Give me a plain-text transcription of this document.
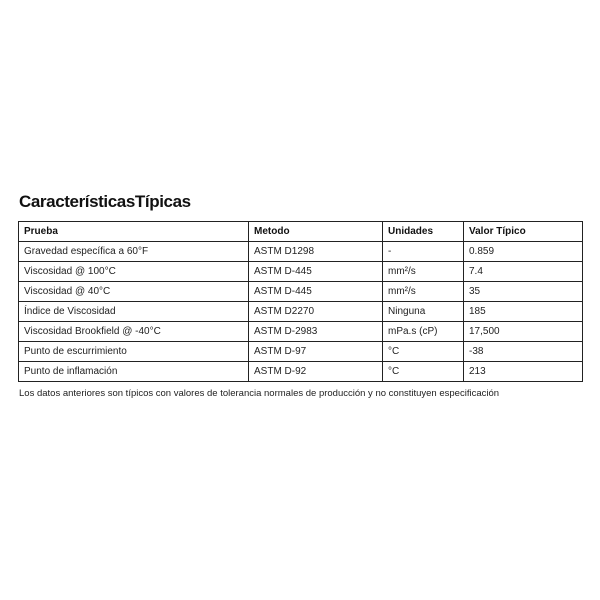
CaracterísticasTípicas
Prueba	Metodo	Unidades	Valor Típico
Gravedad específica a 60°F	ASTM D1298	-	0.859
Viscosidad @ 100°C	ASTM D-445	mm²/s	7.4
Viscosidad @ 40°C	ASTM D-445	mm²/s	35
Índice de Viscosidad	ASTM D2270	Ninguna	185
Viscosidad Brookfield @ -40°C	ASTM D-2983	mPa.s (cP)	17,500
Punto de escurrimiento	ASTM D-97	°C	-38
Punto de inflamación	ASTM D-92	°C	213

Los datos anteriores son típicos con valores de tolerancia normales de producción y no constituyen especificación
